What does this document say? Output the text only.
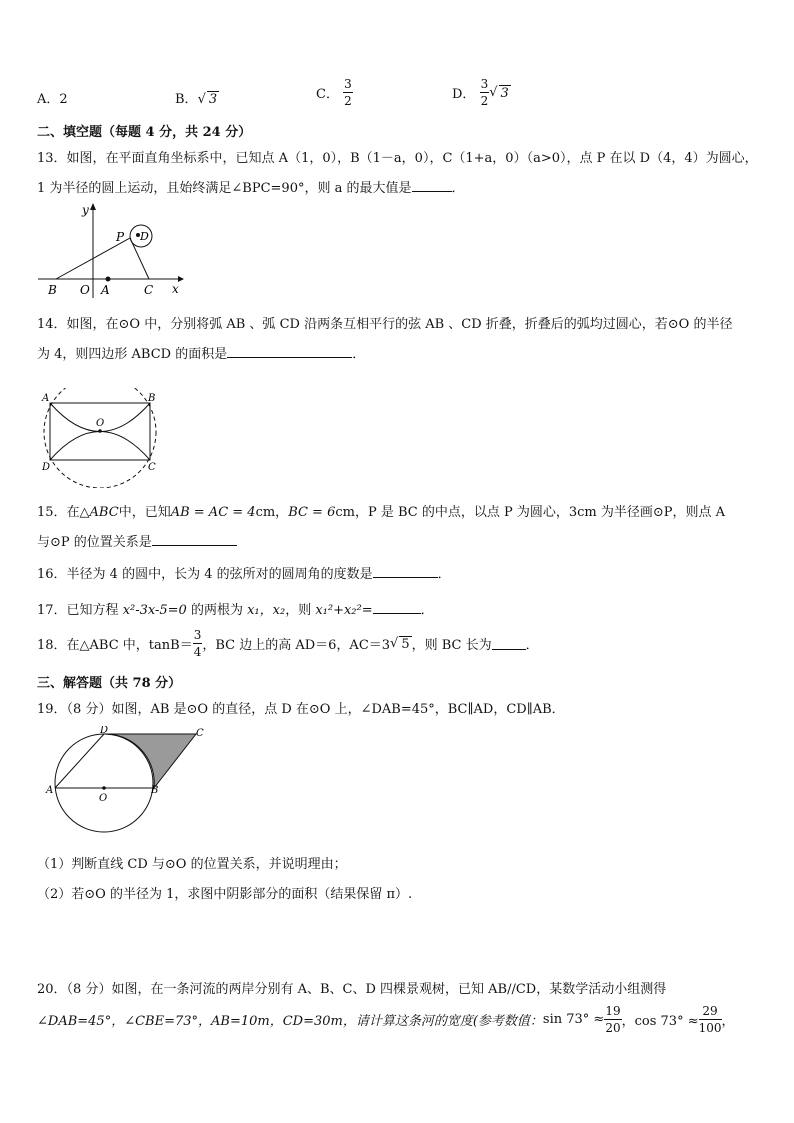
A．2	B．√ 3	C． $\frac{3}{2}$	D． $\frac{3}{2}$ √ 3
二、填空题（每题 4 分，共 24 分）
13．如图，在平面直角坐标系中，已知点 A（1，0），B（1－a，0），C（1+a，0）（a>0），点 P 在以 D（4，4）为圆心，
1 为半径的圆上运动，且始终满足∠BPC=90°，则 a 的最大值是	．
y
x
P D
B O A	C
14．如图，在⊙O 中，分别将弧 AB 、弧 CD 沿两条互相平行的弦 AB 、CD 折叠，折叠后的弧均过圆心，若⊙O 的半径
为 4，则四边形 ABCD 的面积是	．
A	B
O
D	C
15．在△ABC中，已知AB = AC = 4cm，BC = 6cm，P 是 BC 的中点，以点 P 为圆心，3cm 为半径画⊙P，则点 A
与⊙P 的位置关系是
16．半径为 4 的圆中，长为 4 的弦所对的圆周角的度数是	．
17．已知方程 x²-3x-5=0 的两根为 x₁，x₂，则 x₁²+x₂²=	．
18．在△ABC 中，$\tan B= \frac{3}{4}$ ，BC 边上的高 AD＝6，AC＝3√ 5 ，则 BC 长为	．
三、解答题（共 78 分）
19．（8 分）如图，AB 是⊙O 的直径，点 D 在⊙O 上，∠DAB=45°，BC∥AD，CD∥AB．
D	C
A
O
B
（1）判断直线 CD 与⊙O 的位置关系，并说明理由；
（2）若⊙O 的半径为 1，求图中阴影部分的面积（结果保留 π）.
20．（8 分）如图，在一条河流的两岸分别有 A、B、C、D 四棵景观树，已知 AB//CD，某数学活动小组测得
∠DAB=45°，∠CBE=73°，AB=10m，CD=30m，请计算这条河的宽度(参考数值：$\sin 73^\circ \approx \frac{19}{20}$ ，$\cos 73^\circ \approx \frac{29}{100}$ ，
